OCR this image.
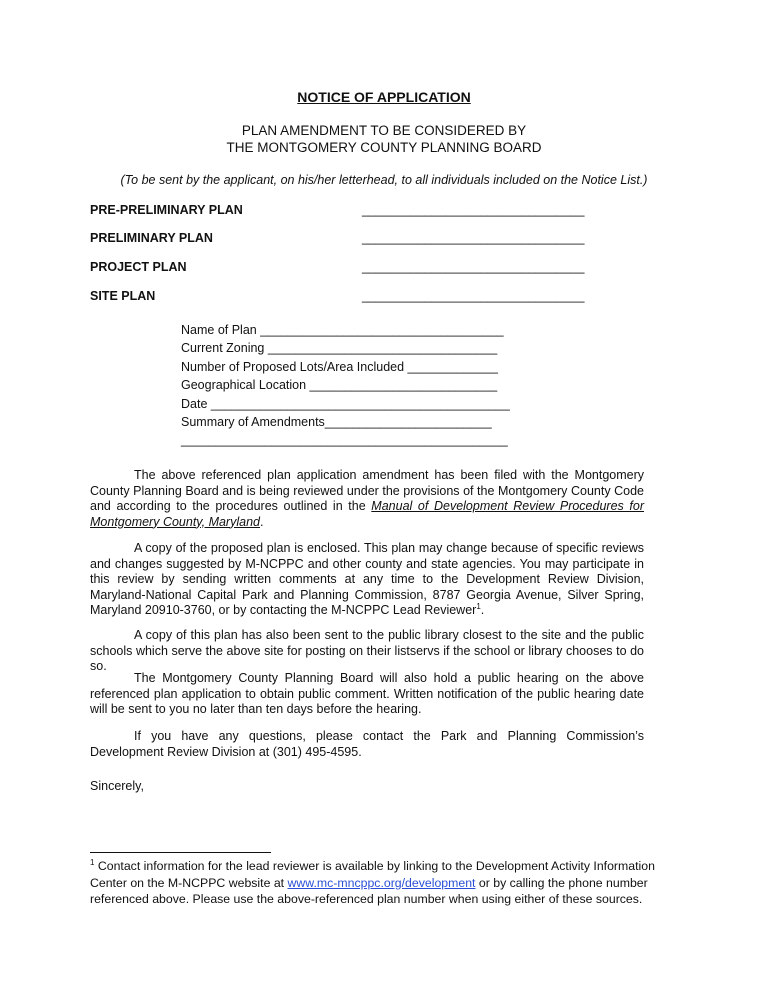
NOTICE OF APPLICATION
PLAN AMENDMENT TO BE CONSIDERED BY
THE MONTGOMERY COUNTY PLANNING BOARD
(To be sent by the applicant, on his/her letterhead, to all individuals included on the Notice List.)
PRE-PRELIMINARY PLAN	________________________________
PRELIMINARY PLAN	________________________________
PROJECT PLAN	________________________________
SITE PLAN	________________________________
Name of Plan ___________________________________
Current Zoning _________________________________
Number of Proposed Lots/Area Included _____________
Geographical Location ___________________________
Date ___________________________________________
Summary of Amendments________________________
_______________________________________________
The above referenced plan application amendment has been filed with the Montgomery County Planning Board and is being reviewed under the provisions of the Montgomery County Code and according to the procedures outlined in the Manual of Development Review Procedures for Montgomery County, Maryland.
A copy of the proposed plan is enclosed. This plan may change because of specific reviews and changes suggested by M-NCPPC and other county and state agencies. You may participate in this review by sending written comments at any time to the Development Review Division, Maryland-National Capital Park and Planning Commission, 8787 Georgia Avenue, Silver Spring, Maryland 20910-3760, or by contacting the M-NCPPC Lead Reviewer$^1$.
A copy of this plan has also been sent to the public library closest to the site and the public schools which serve the above site for posting on their listservs if the school or library chooses to do so.
The Montgomery County Planning Board will also hold a public hearing on the above referenced plan application to obtain public comment. Written notification of the public hearing date will be sent to you no later than ten days before the hearing.
If you have any questions, please contact the Park and Planning Commission’s Development Review Division at (301) 495-4595.
Sincerely,
$^1$ Contact information for the lead reviewer is available by linking to the Development Activity Information Center on the M-NCPPC website at www.mc-mncppc.org/development or by calling the phone number referenced above. Please use the above-referenced plan number when using either of these sources.
